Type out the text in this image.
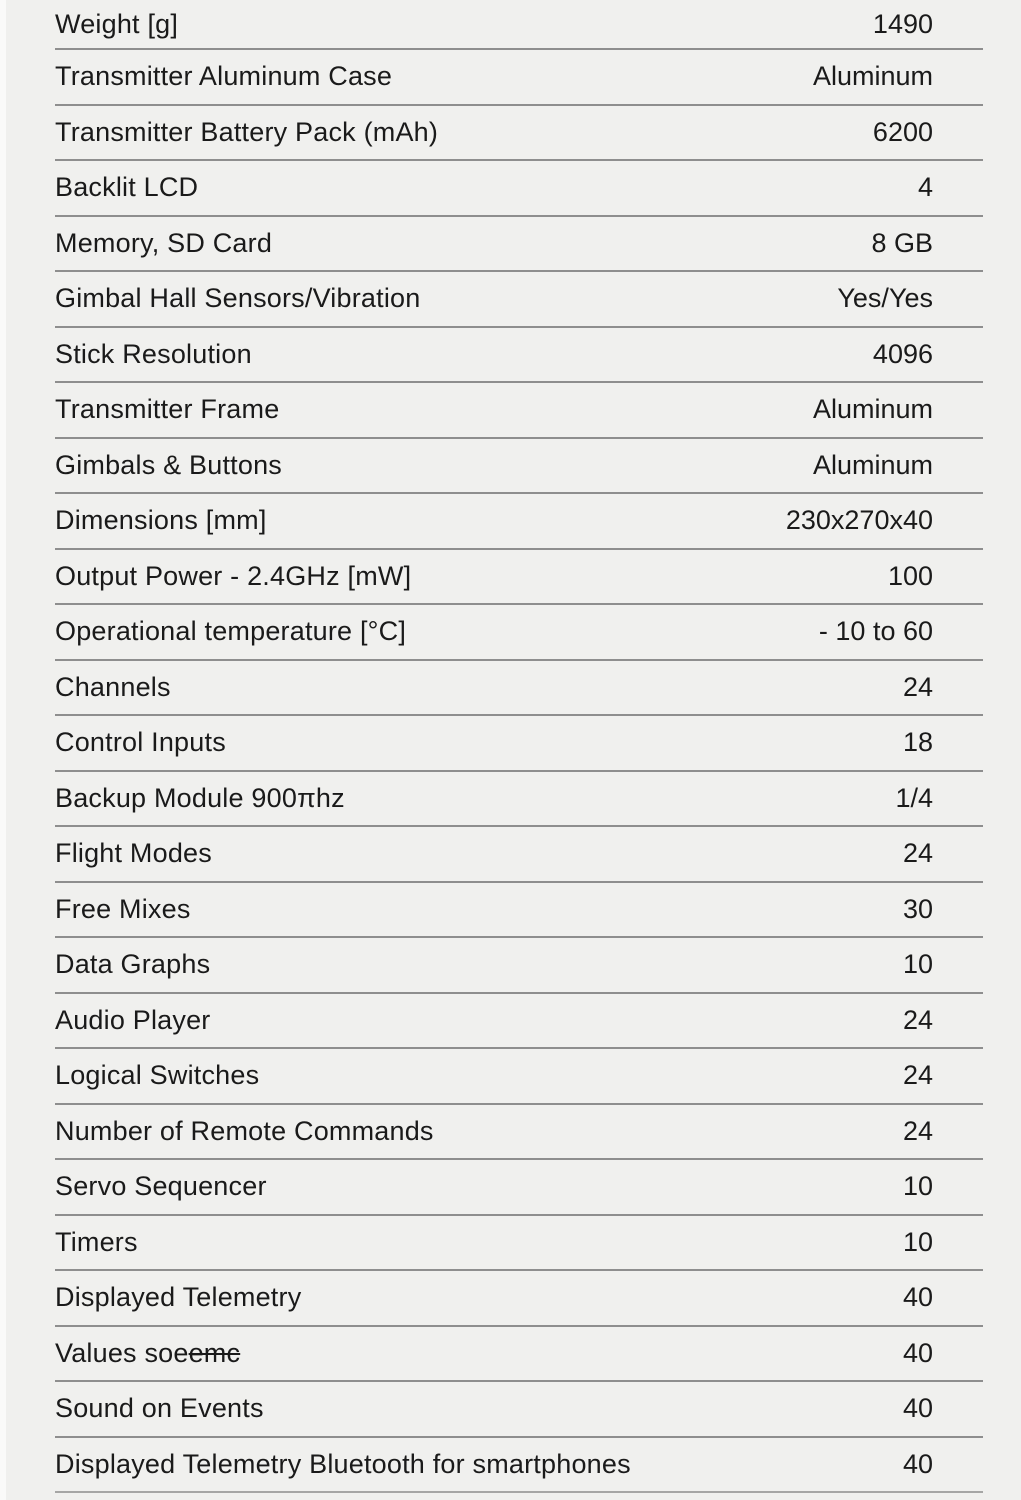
Weight [g]	1490
Transmitter Aluminum Case	Aluminum
Transmitter Battery Pack (mAh)	6200
Backlit LCD	4
Memory, SD Card	8 GB
Gimbal Hall Sensors/Vibration	Yes/Yes
Stick Resolution	4096
Transmitter Frame	Aluminum
Gimbals & Buttons	Aluminum
Dimensions [mm]	230x270x40
Output Power - 2.4GHz [mW]	100
Operational temperature [°C]	- 10 to 60
Channels	24
Control Inputs	18
Backup Module 900πhz	1/4
Flight Modes	24
Free Mixes	30
Data Graphs	10
Audio Player	24
Logical Switches	24
Number of Remote Commands	24
Servo Sequencer	10
Timers	10
Displayed Telemetry	40
Values soeemc	40
Sound on Events	40
Displayed Telemetry Bluetooth for smartphones	40
